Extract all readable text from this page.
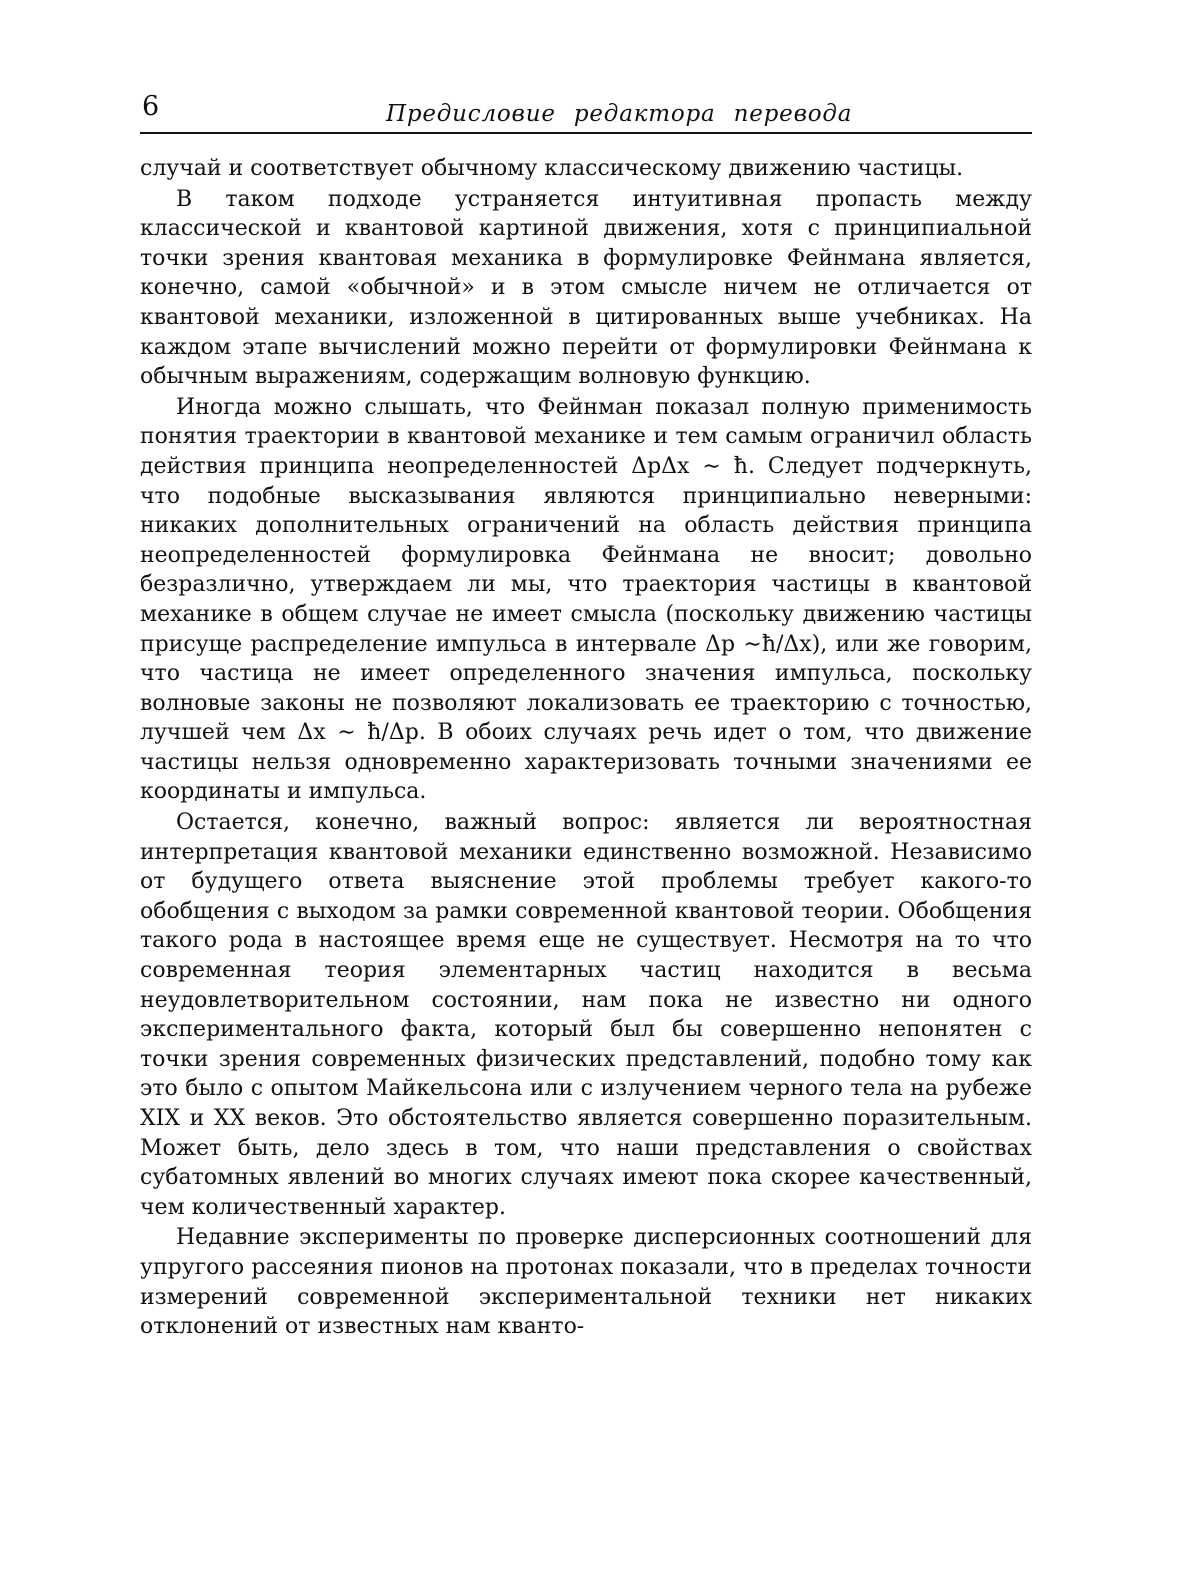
6	Предисловие редактора перевода

случай и соответствует обычному классическому движению частицы.

В таком подходе устраняется интуитивная пропасть между классической и квантовой картиной движения, хотя с принципиальной точки зрения квантовая механика в формулировке Фейнмана является, конечно, самой «обычной» и в этом смысле ничем не отличается от квантовой механики, изложенной в цитированных выше учебниках. На каждом этапе вычислений можно перейти от формулировки Фейнмана к обычным выражениям, содержащим волновую функцию.

Иногда можно слышать, что Фейнман показал полную применимость понятия траектории в квантовой механике и тем самым ограничил область действия принципа неопределенностей ΔpΔx ∼ ħ. Следует подчеркнуть, что подобные высказывания являются принципиально неверными: никаких дополнительных ограничений на область действия принципа неопределенностей формулировка Фейнмана не вносит; довольно безразлично, утверждаем ли мы, что траектория частицы в квантовой механике в общем случае не имеет смысла (поскольку движению частицы присуще распределение импульса в интервале Δp ∼ħ/Δx), или же говорим, что частица не имеет определенного значения импульса, поскольку волновые законы не позволяют локализовать ее траекторию с точностью, лучшей чем Δx ∼ ħ/Δp. В обоих случаях речь идет о том, что движение частицы нельзя одновременно характеризовать точными значениями ее координаты и импульса.

Остается, конечно, важный вопрос: является ли вероятностная интерпретация квантовой механики единственно возможной. Независимо от будущего ответа выяснение этой проблемы требует какого-то обобщения с выходом за рамки современной квантовой теории. Обобщения такого рода в настоящее время еще не существует. Несмотря на то что современная теория элементарных частиц находится в весьма неудовлетворительном состоянии, нам пока не известно ни одного экспериментального факта, который был бы совершенно непонятен с точки зрения современных физических представлений, подобно тому как это было с опытом Майкельсона или с излучением черного тела на рубеже XIX и XX веков. Это обстоятельство является совершенно поразительным. Может быть, дело здесь в том, что наши представления о свойствах субатомных явлений во многих случаях имеют пока скорее качественный, чем количественный характер.

Недавние эксперименты по проверке дисперсионных соотношений для упругого рассеяния пионов на протонах показали, что в пределах точности измерений современной экспериментальной техники нет никаких отклонений от известных нам кванто-
